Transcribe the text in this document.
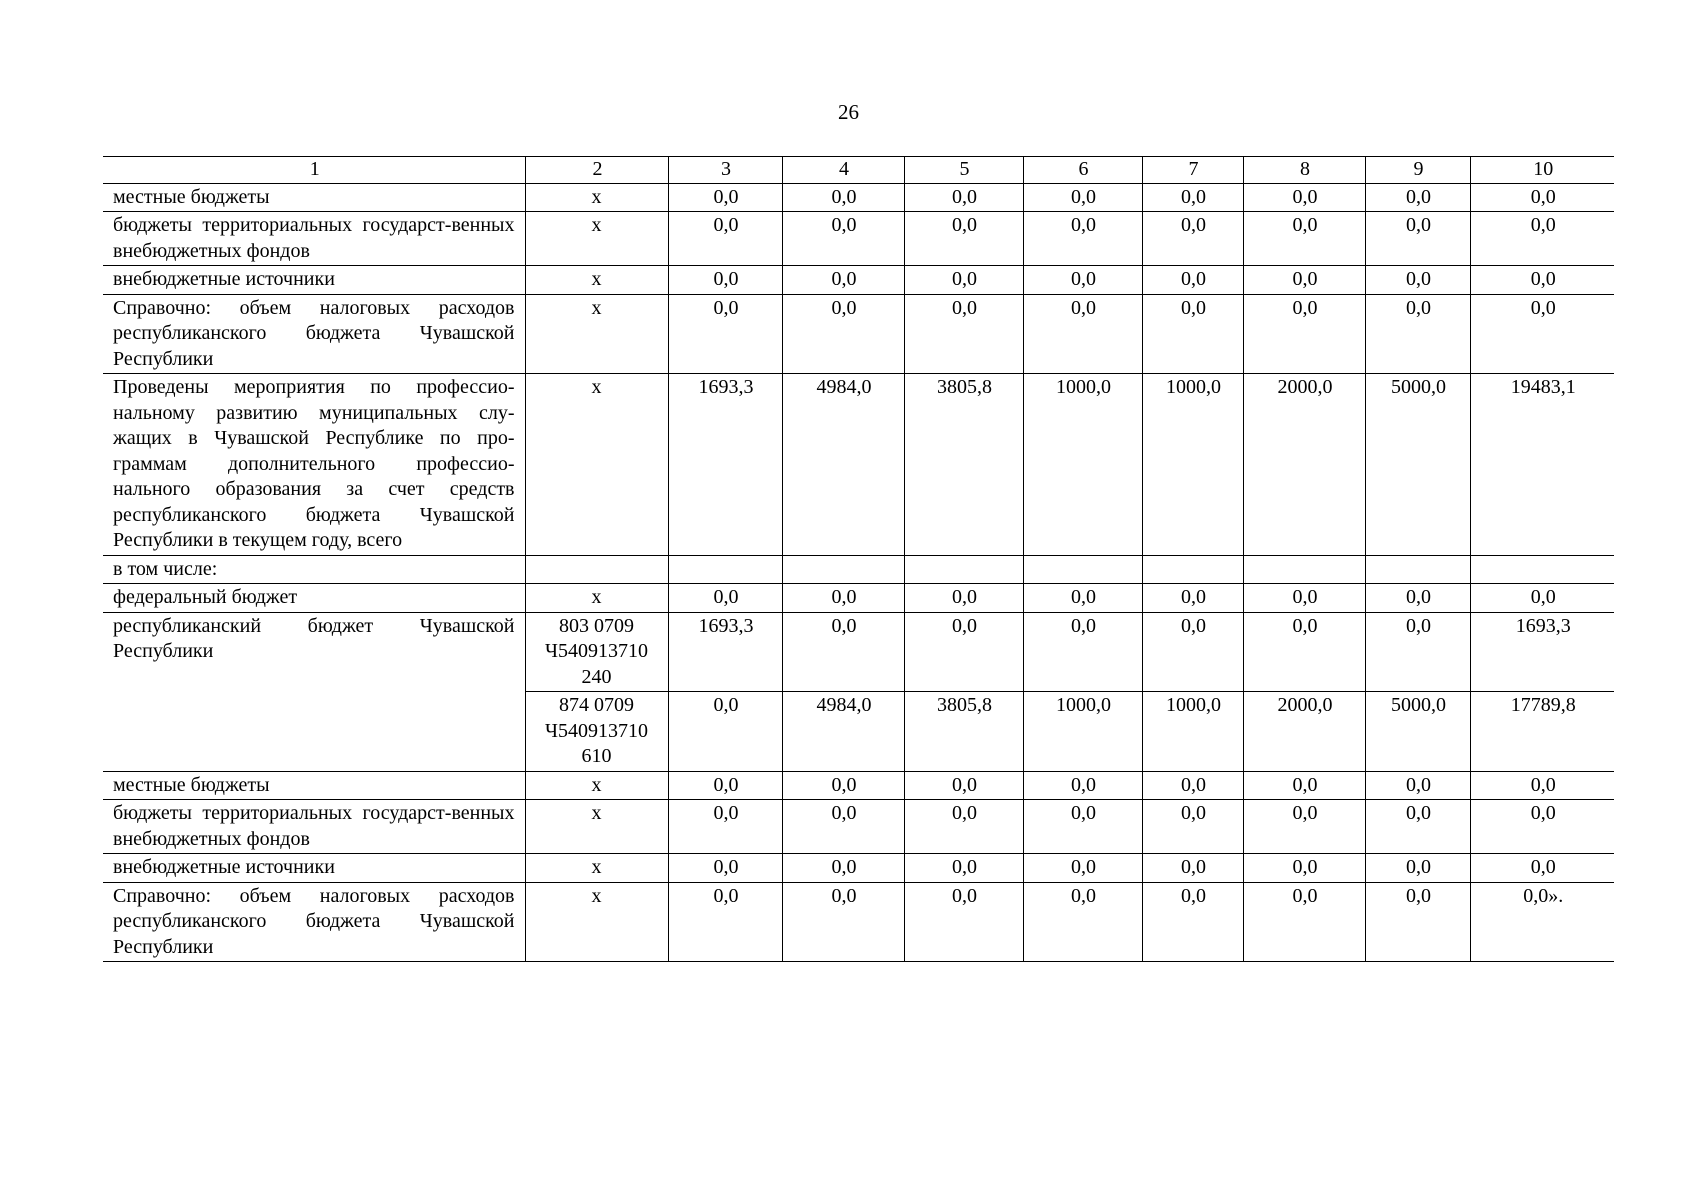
26
1	2	3	4	5	6	7	8	9	10
местные бюджеты	х	0,0	0,0	0,0	0,0	0,0	0,0	0,0	0,0
бюджеты территориальных государст-венных внебюджетных фондов	х	0,0	0,0	0,0	0,0	0,0	0,0	0,0	0,0
внебюджетные источники	х	0,0	0,0	0,0	0,0	0,0	0,0	0,0	0,0
Справочно: объем налоговых расходов республиканского бюджета Чувашской Республики	х	0,0	0,0	0,0	0,0	0,0	0,0	0,0	0,0
Проведены мероприятия по профессио-нальному развитию муниципальных слу-жащих в Чувашской Республике по про-граммам дополнительного профессио-нального образования за счет средств республиканского бюджета Чувашской Республики в текущем году, всего	х	1693,3	4984,0	3805,8	1000,0	1000,0	2000,0	5000,0	19483,1
в том числе:									
федеральный бюджет	х	0,0	0,0	0,0	0,0	0,0	0,0	0,0	0,0
республиканский бюджет Чувашской Республики	803 0709 Ч540913710 240	1693,3	0,0	0,0	0,0	0,0	0,0	0,0	1693,3
	874 0709 Ч540913710 610	0,0	4984,0	3805,8	1000,0	1000,0	2000,0	5000,0	17789,8
местные бюджеты	х	0,0	0,0	0,0	0,0	0,0	0,0	0,0	0,0
бюджеты территориальных государст-венных внебюджетных фондов	х	0,0	0,0	0,0	0,0	0,0	0,0	0,0	0,0
внебюджетные источники	х	0,0	0,0	0,0	0,0	0,0	0,0	0,0	0,0
Справочно: объем налоговых расходов республиканского бюджета Чувашской Республики	х	0,0	0,0	0,0	0,0	0,0	0,0	0,0	0,0».
